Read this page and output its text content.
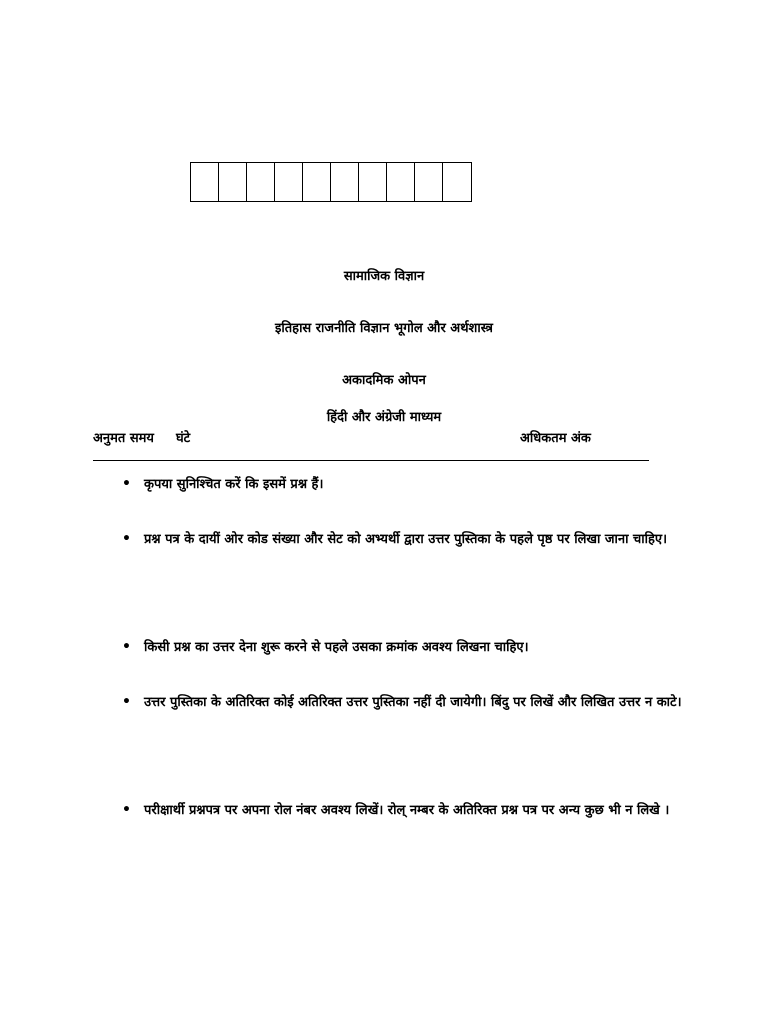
सामाजिक विज्ञान
इतिहास राजनीति विज्ञान भूगोल और अर्थशास्त्र
अकादमिक ओपन
हिंदी और अंग्रेजी माध्यम
अनुमत समय घंटे	अधिकतम अंक
•	कृपया सुनिश्चित करें कि इसमें प्रश्न हैं।
•	प्रश्न पत्र के दायीं ओर कोड संख्या और सेट को अभ्यर्थी द्वारा उत्तर पुस्तिका के पहले पृष्ठ पर लिखा जाना चाहिए।
•	किसी प्रश्न का उत्तर देना शुरू करने से पहले उसका क्रमांक अवश्य लिखना चाहिए।
•	उत्तर पुस्तिका के अतिरिक्त कोई अतिरिक्त उत्तर पुस्तिका नहीं दी जायेगी। बिंदु पर लिखें और लिखित उत्तर न काटे।
•	परीक्षार्थी प्रश्नपत्र पर अपना रोल नंबर अवश्य लिखें। रोल् नम्बर के अतिरिक्त प्रश्न पत्र पर अन्य कुछ भी न लिखे ।
